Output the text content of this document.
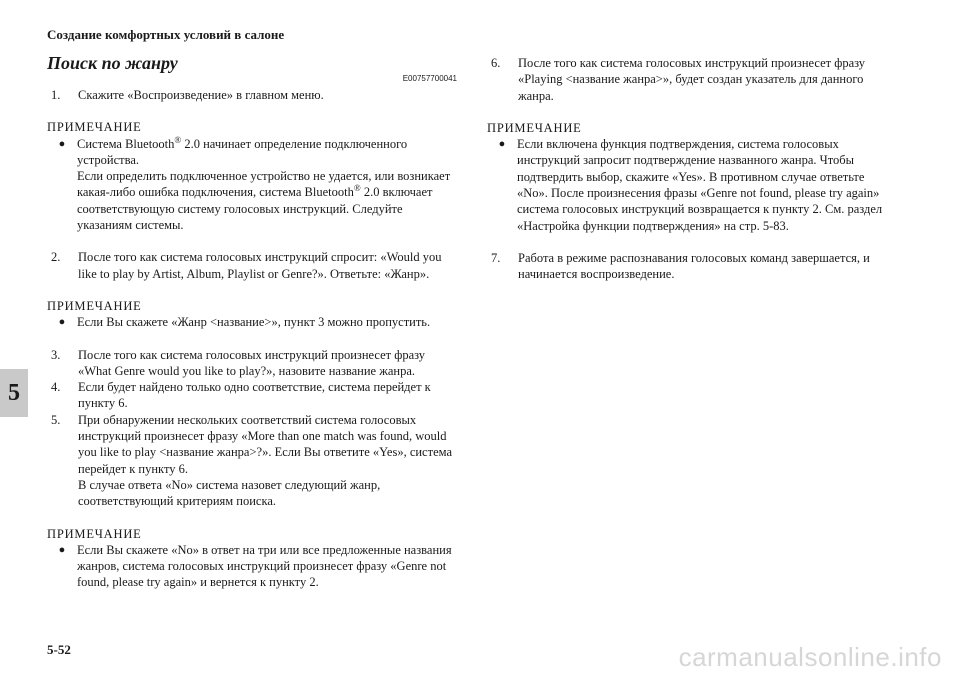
Создание комфортных условий в салоне
5
Поиск по жанру
E00757700041
1.	Скажите «Воспроизведение» в главном меню.
ПРИМЕЧАНИЕ
● Система Bluetooth® 2.0 начинает определение подключенного устройства.
Если определить подключенное устройство не удается, или возникает какая-либо ошибка подключения, система Bluetooth® 2.0 включает соответствующую систему голосовых инструкций. Следуйте указаниям системы.
2.	После того как система голосовых инструкций спросит: «Would you like to play by Artist, Album, Playlist or Genre?». Ответьте: «Жанр».
ПРИМЕЧАНИЕ
● Если Вы скажете «Жанр <название>», пункт 3 можно пропустить.
3.	После того как система голосовых инструкций произнесет фразу «What Genre would you like to play?», назовите название жанра.
4.	Если будет найдено только одно соответствие, система перейдет к пункту 6.
5.	При обнаружении нескольких соответствий система голосовых инструкций произнесет фразу «More than one match was found, would you like to play <название жанра>?». Если Вы ответите «Yes», система перейдет к пункту 6.
В случае ответа «No» система назовет следующий жанр, соответствующий критериям поиска.
ПРИМЕЧАНИЕ
● Если Вы скажете «No» в ответ на три или все предложенные названия жанров, система голосовых инструкций произнесет фразу «Genre not found, please try again» и вернется к пункту 2.
6.	После того как система голосовых инструкций произнесет фразу «Playing <название жанра>», будет создан указатель для данного жанра.
ПРИМЕЧАНИЕ
● Если включена функция подтверждения, система голосовых инструкций запросит подтверждение названного жанра. Чтобы подтвердить выбор, скажите «Yes». В противном случае ответьте «No». После произнесения фразы «Genre not found, please try again» система голосовых инструкций возвращается к пункту 2. См. раздел «Настройка функции подтверждения» на стр. 5-83.
7.	Работа в режиме распознавания голосовых команд завершается, и начинается воспроизведение.
5-52	carmanualsonline.info
